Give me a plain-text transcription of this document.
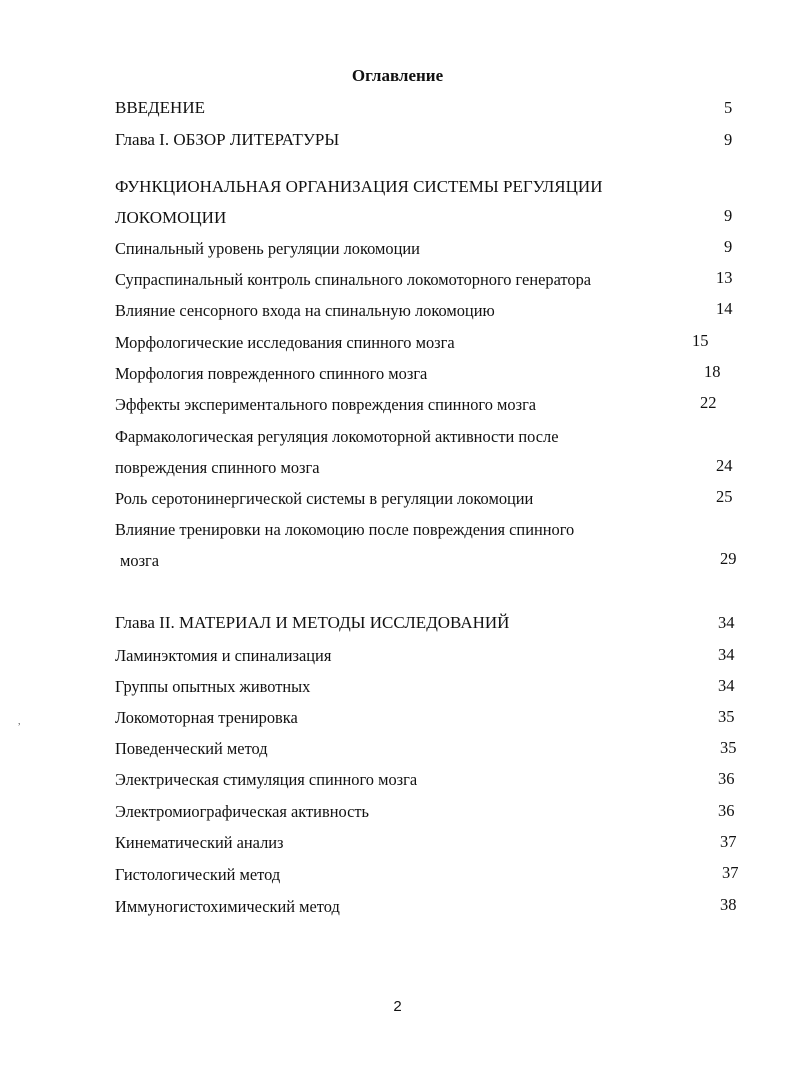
Оглавление
ВВЕДЕНИЕ	5
Глава I. ОБЗОР ЛИТЕРАТУРЫ	9
ФУНКЦИОНАЛЬНАЯ ОРГАНИЗАЦИЯ СИСТЕМЫ РЕГУЛЯЦИИ
ЛОКОМОЦИИ	9
Спинальный уровень регуляции локомоции	9
Супраспинальный контроль спинального локомоторного генератора	13
Влияние сенсорного входа на спинальную локомоцию	14
Морфологические исследования спинного мозга	15
Морфология поврежденного спинного мозга	18
Эффекты экспериментального повреждения спинного мозга	22
Фармакологическая регуляция локомоторной активности после
повреждения спинного мозга	24
Роль серотонинергической системы в регуляции локомоции	25
Влияние тренировки на локомоцию после повреждения спинного
мозга	29
Глава II. МАТЕРИАЛ И МЕТОДЫ ИССЛЕДОВАНИЙ	34
Ламинэктомия и спинализация	34
Группы опытных животных	34
Локомоторная тренировка	35
Поведенческий метод	35
Электрическая стимуляция спинного мозга	36
Электромиографическая активность	36
Кинематический анализ	37
Гистологический метод	37
Иммуногистохимический метод	38
,
2
